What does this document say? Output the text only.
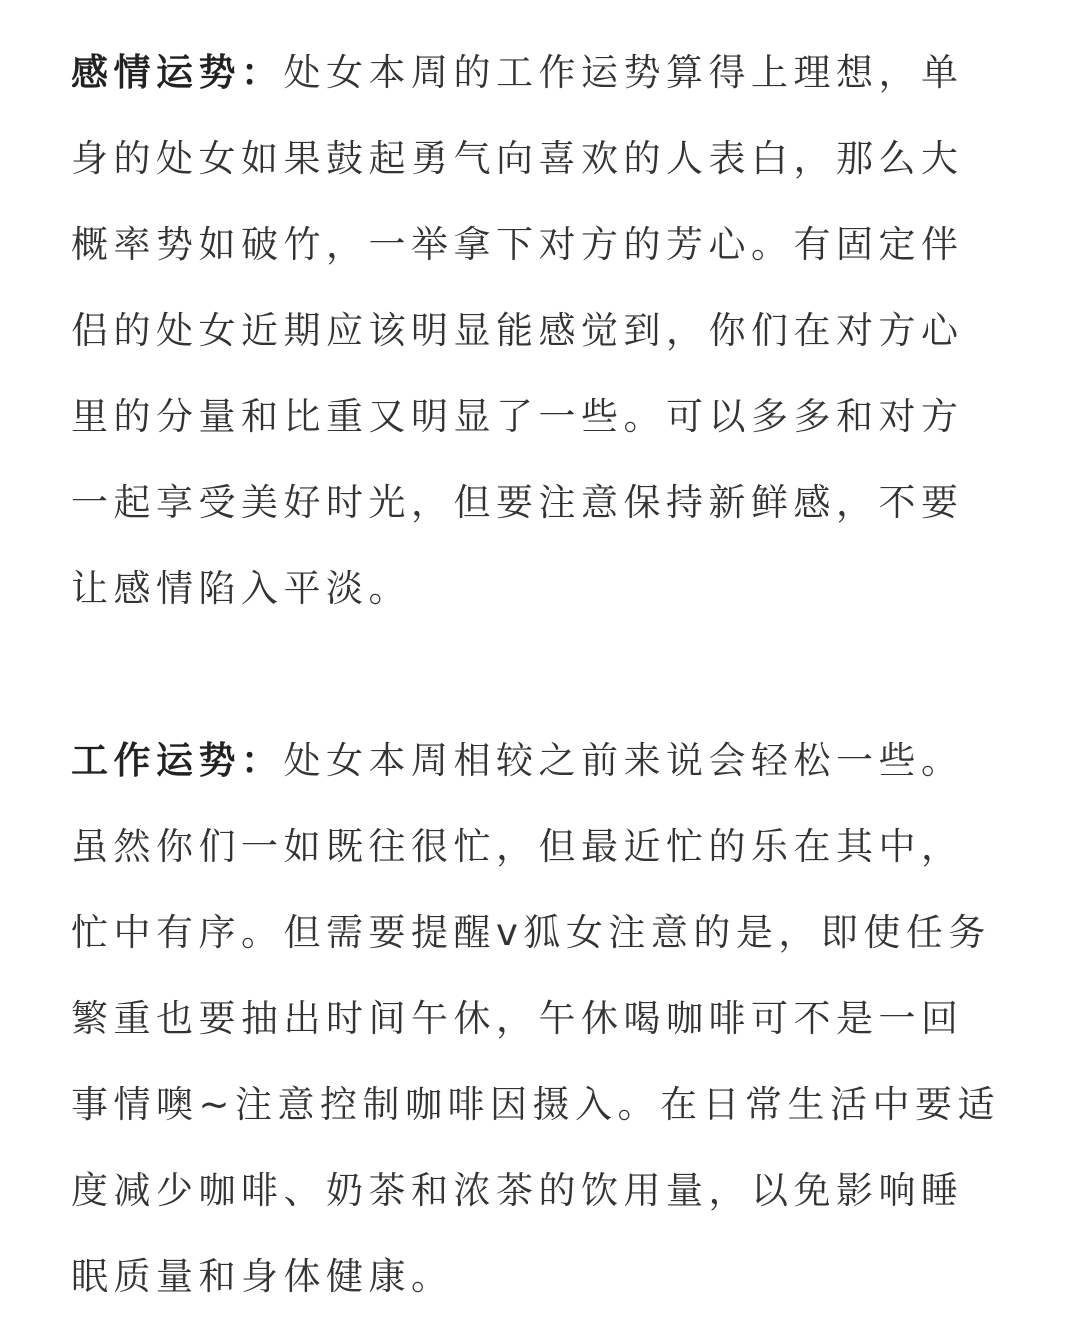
感情运势：处女本周的工作运势算得上理想，单
身的处女如果鼓起勇气向喜欢的人表白，那么大
概率势如破竹，一举拿下对方的芳心。有固定伴
侣的处女近期应该明显能感觉到，你们在对方心
里的分量和比重又明显了一些。可以多多和对方
一起享受美好时光，但要注意保持新鲜感，不要
让感情陷入平淡。
工作运势：处女本周相较之前来说会轻松一些。
虽然你们一如既往很忙，但最近忙的乐在其中，
忙中有序。但需要提醒v狐女注意的是，即使任务
繁重也要抽出时间午休，午休喝咖啡可不是一回
事情噢~注意控制咖啡因摄入。在日常生活中要适
度减少咖啡、奶茶和浓茶的饮用量，以免影响睡
眠质量和身体健康。
